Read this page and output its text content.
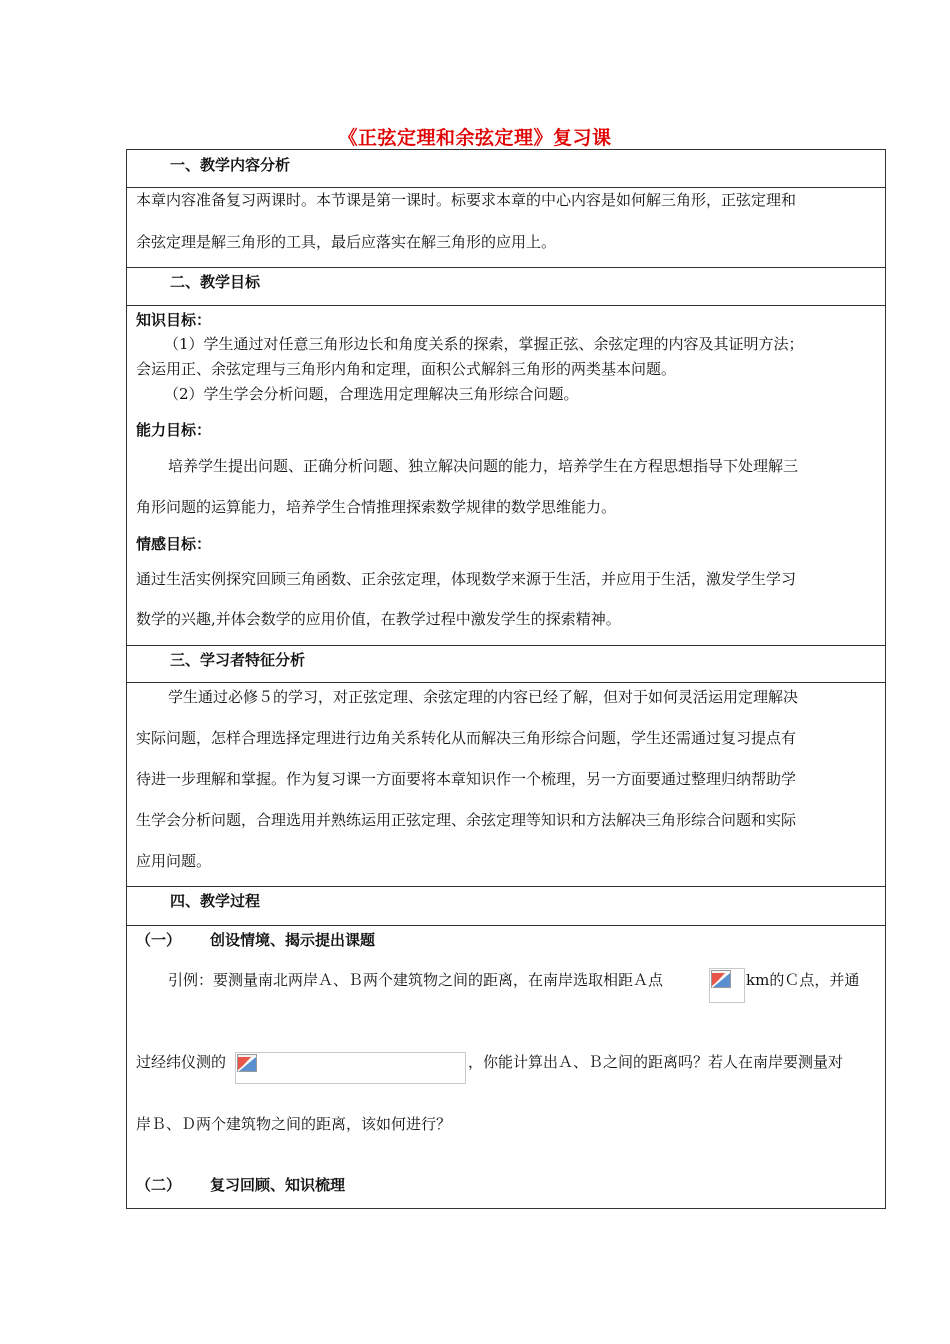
《正弦定理和余弦定理》复习课
一、教学内容分析
本章内容准备复习两课时。本节课是第一课时。标要求本章的中心内容是如何解三角形，正弦定理和
余弦定理是解三角形的工具，最后应落实在解三角形的应用上。
二、教学目标
知识目标：
（1）学生通过对任意三角形边长和角度关系的探索，掌握正弦、余弦定理的内容及其证明方法；
会运用正、余弦定理与三角形内角和定理，面积公式解斜三角形的两类基本问题。
（2）学生学会分析问题，合理选用定理解决三角形综合问题。
能力目标：
培养学生提出问题、正确分析问题、独立解决问题的能力，培养学生在方程思想指导下处理解三
角形问题的运算能力，培养学生合情推理探索数学规律的数学思维能力。
情感目标：
通过生活实例探究回顾三角函数、正余弦定理，体现数学来源于生活，并应用于生活，激发学生学习
数学的兴趣,并体会数学的应用价值，在教学过程中激发学生的探索精神。
三、学习者特征分析
学生通过必修５的学习，对正弦定理、余弦定理的内容已经了解，但对于如何灵活运用定理解决
实际问题，怎样合理选择定理进行边角关系转化从而解决三角形综合问题，学生还需通过复习提点有
待进一步理解和掌握。作为复习课一方面要将本章知识作一个梳理，另一方面要通过整理归纳帮助学
生学会分析问题，合理选用并熟练运用正弦定理、余弦定理等知识和方法解决三角形综合问题和实际
应用问题。
四、教学过程
（一） 创设情境、揭示提出课题
引例：要测量南北两岸Ａ、Ｂ两个建筑物之间的距离，在南岸选取相距Ａ点	km的Ｃ点，并通
过经纬仪测的	，你能计算出Ａ、Ｂ之间的距离吗？若人在南岸要测量对
岸Ｂ、Ｄ两个建筑物之间的距离，该如何进行？
（二） 复习回顾、知识梳理
